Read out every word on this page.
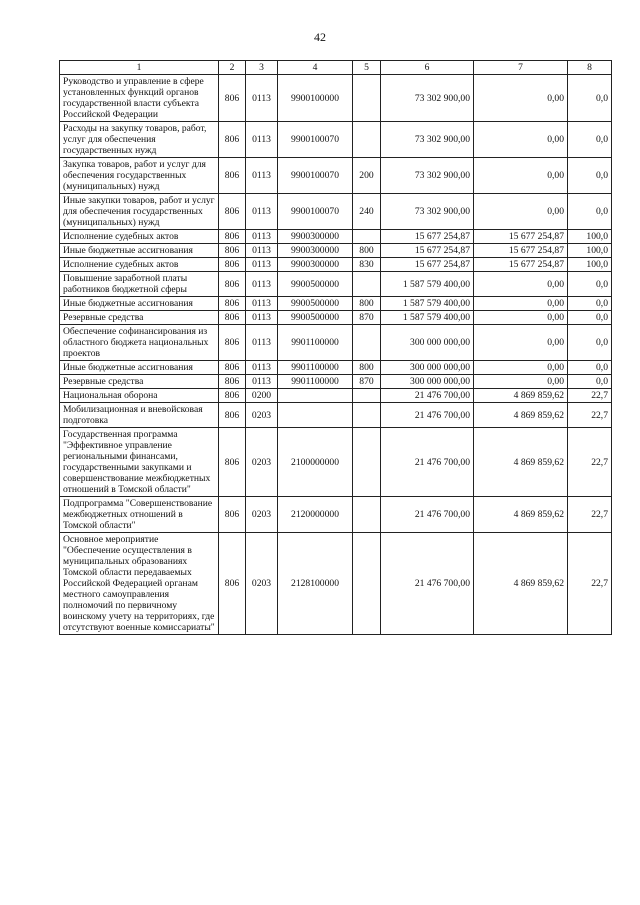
42
1	2	3	4	5	6	7	8
Руководство и управление в сфере установленных функций органов государственной власти субъекта Российской Федерации	806	0113	9900100000		73 302 900,00	0,00	0,0
Расходы на закупку товаров, работ, услуг для обеспечения государственных нужд	806	0113	9900100070		73 302 900,00	0,00	0,0
Закупка товаров, работ и услуг для обеспечения государственных (муниципальных) нужд	806	0113	9900100070	200	73 302 900,00	0,00	0,0
Иные закупки товаров, работ и услуг для обеспечения государственных (муниципальных) нужд	806	0113	9900100070	240	73 302 900,00	0,00	0,0
Исполнение судебных актов	806	0113	9900300000		15 677 254,87	15 677 254,87	100,0
Иные бюджетные ассигнования	806	0113	9900300000	800	15 677 254,87	15 677 254,87	100,0
Исполнение судебных актов	806	0113	9900300000	830	15 677 254,87	15 677 254,87	100,0
Повышение заработной платы работников бюджетной сферы	806	0113	9900500000		1 587 579 400,00	0,00	0,0
Иные бюджетные ассигнования	806	0113	9900500000	800	1 587 579 400,00	0,00	0,0
Резервные средства	806	0113	9900500000	870	1 587 579 400,00	0,00	0,0
Обеспечение софинансирования из областного бюджета национальных проектов	806	0113	9901100000		300 000 000,00	0,00	0,0
Иные бюджетные ассигнования	806	0113	9901100000	800	300 000 000,00	0,00	0,0
Резервные средства	806	0113	9901100000	870	300 000 000,00	0,00	0,0
Национальная оборона	806	0200			21 476 700,00	4 869 859,62	22,7
Мобилизационная и вневойсковая подготовка	806	0203			21 476 700,00	4 869 859,62	22,7
Государственная программа "Эффективное управление региональными финансами, государственными закупками и совершенствование межбюджетных отношений в Томской области"	806	0203	2100000000		21 476 700,00	4 869 859,62	22,7
Подпрограмма "Совершенствование межбюджетных отношений в Томской области"	806	0203	2120000000		21 476 700,00	4 869 859,62	22,7
Основное мероприятие "Обеспечение осуществления в муниципальных образованиях Томской области передаваемых Российской Федерацией органам местного самоуправления полномочий по первичному воинскому учету на территориях, где отсутствуют военные комиссариаты"	806	0203	2128100000		21 476 700,00	4 869 859,62	22,7
